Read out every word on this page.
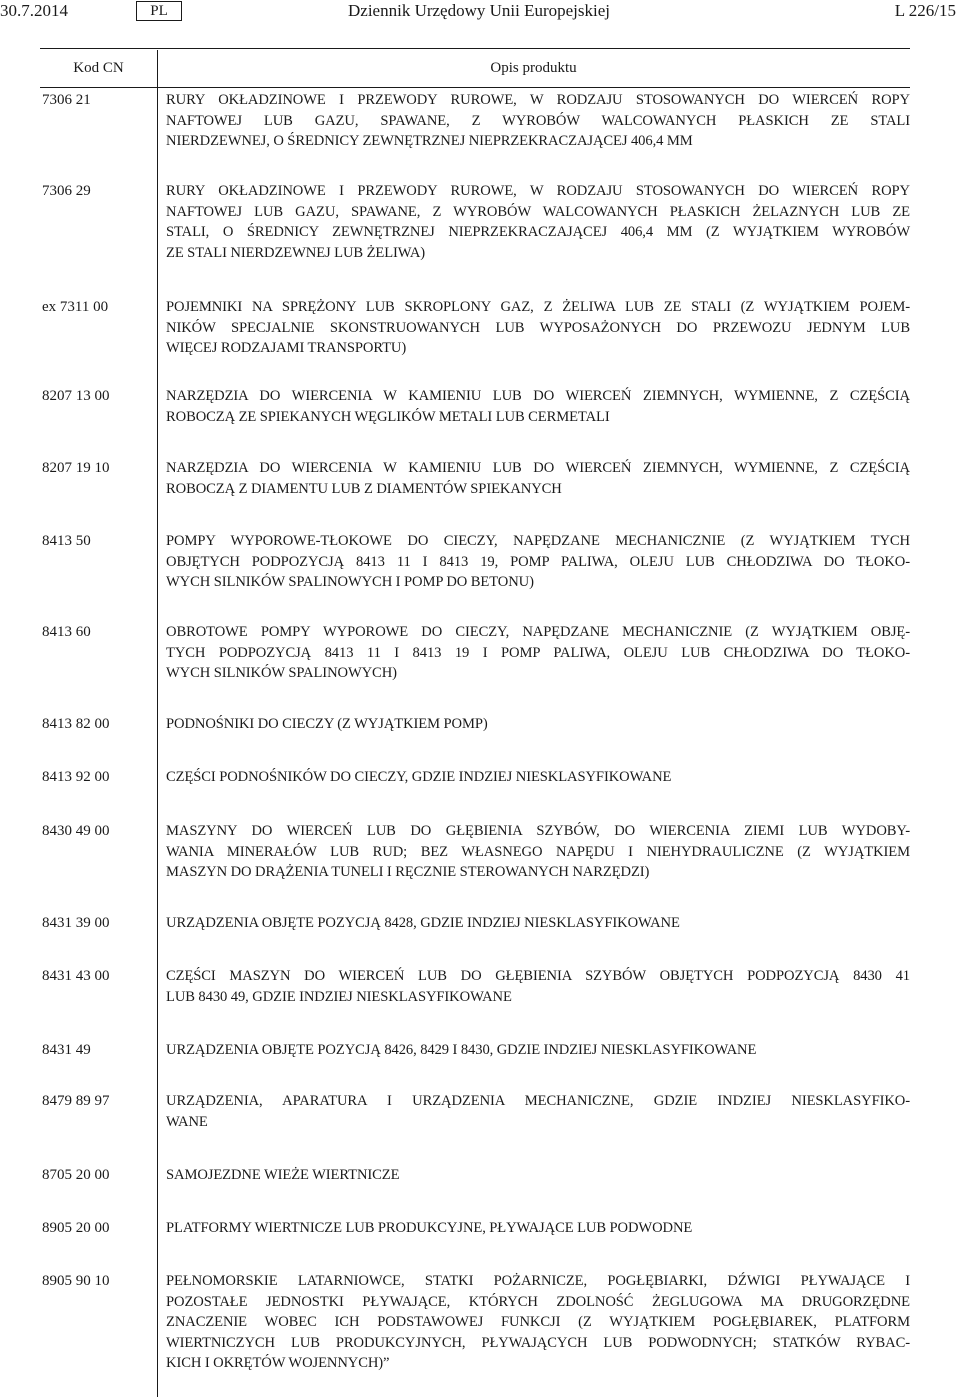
30.7.2014	PL	Dziennik Urzędowy Unii Europejskiej	L 226/15
Kod CN	Opis produktu
7306 21	RURY OKŁADZINOWE I PRZEWODY RUROWE, W RODZAJU STOSOWANYCH DO WIERCEŃ ROPY
NAFTOWEJ LUB GAZU, SPAWANE, Z WYROBÓW WALCOWANYCH PŁASKICH ZE STALI
NIERDZEWNEJ, O ŚREDNICY ZEWNĘTRZNEJ NIEPRZEKRACZAJĄCEJ 406,4 MM
7306 29	RURY OKŁADZINOWE I PRZEWODY RUROWE, W RODZAJU STOSOWANYCH DO WIERCEŃ ROPY
NAFTOWEJ LUB GAZU, SPAWANE, Z WYROBÓW WALCOWANYCH PŁASKICH ŻELAZNYCH LUB ZE
STALI, O ŚREDNICY ZEWNĘTRZNEJ NIEPRZEKRACZAJĄCEJ 406,4 MM (Z WYJĄTKIEM WYROBÓW
ZE STALI NIERDZEWNEJ LUB ŻELIWA)
ex 7311 00	POJEMNIKI NA SPRĘŻONY LUB SKROPLONY GAZ, Z ŻELIWA LUB ZE STALI (Z WYJĄTKIEM POJEM-
NIKÓW SPECJALNIE SKONSTRUOWANYCH LUB WYPOSAŻONYCH DO PRZEWOZU JEDNYM LUB
WIĘCEJ RODZAJAMI TRANSPORTU)
8207 13 00	NARZĘDZIA DO WIERCENIA W KAMIENIU LUB DO WIERCEŃ ZIEMNYCH, WYMIENNE, Z CZĘŚCIĄ
ROBOCZĄ ZE SPIEKANYCH WĘGLIKÓW METALI LUB CERMETALI
8207 19 10	NARZĘDZIA DO WIERCENIA W KAMIENIU LUB DO WIERCEŃ ZIEMNYCH, WYMIENNE, Z CZĘŚCIĄ
ROBOCZĄ Z DIAMENTU LUB Z DIAMENTÓW SPIEKANYCH
8413 50	POMPY WYPOROWE-TŁOKOWE DO CIECZY, NAPĘDZANE MECHANICZNIE (Z WYJĄTKIEM TYCH
OBJĘTYCH PODPOZYCJĄ 8413 11 I 8413 19, POMP PALIWA, OLEJU LUB CHŁODZIWA DO TŁOKO-
WYCH SILNIKÓW SPALINOWYCH I POMP DO BETONU)
8413 60	OBROTOWE POMPY WYPOROWE DO CIECZY, NAPĘDZANE MECHANICZNIE (Z WYJĄTKIEM OBJĘ-
TYCH PODPOZYCJĄ 8413 11 I 8413 19 I POMP PALIWA, OLEJU LUB CHŁODZIWA DO TŁOKO-
WYCH SILNIKÓW SPALINOWYCH)
8413 82 00	PODNOŚNIKI DO CIECZY (Z WYJĄTKIEM POMP)
8413 92 00	CZĘŚCI PODNOŚNIKÓW DO CIECZY, GDZIE INDZIEJ NIESKLASYFIKOWANE
8430 49 00	MASZYNY DO WIERCEŃ LUB DO GŁĘBIENIA SZYBÓW, DO WIERCENIA ZIEMI LUB WYDOBY-
WANIA MINERAŁÓW LUB RUD; BEZ WŁASNEGO NAPĘDU I NIEHYDRAULICZNE (Z WYJĄTKIEM
MASZYN DO DRĄŻENIA TUNELI I RĘCZNIE STEROWANYCH NARZĘDZI)
8431 39 00	URZĄDZENIA OBJĘTE POZYCJĄ 8428, GDZIE INDZIEJ NIESKLASYFIKOWANE
8431 43 00	CZĘŚCI MASZYN DO WIERCEŃ LUB DO GŁĘBIENIA SZYBÓW OBJĘTYCH PODPOZYCJĄ 8430 41
LUB 8430 49, GDZIE INDZIEJ NIESKLASYFIKOWANE
8431 49	URZĄDZENIA OBJĘTE POZYCJĄ 8426, 8429 I 8430, GDZIE INDZIEJ NIESKLASYFIKOWANE
8479 89 97	URZĄDZENIA, APARATURA I URZĄDZENIA MECHANICZNE, GDZIE INDZIEJ NIESKLASYFIKO-
WANE
8705 20 00	SAMOJEZDNE WIEŻE WIERTNICZE
8905 20 00	PLATFORMY WIERTNICZE LUB PRODUKCYJNE, PŁYWAJĄCE LUB PODWODNE
8905 90 10	PEŁNOMORSKIE LATARNIOWCE, STATKI POŻARNICZE, POGŁĘBIARKI, DŹWIGI PŁYWAJĄCE I
POZOSTAŁE JEDNOSTKI PŁYWAJĄCE, KTÓRYCH ZDOLNOŚĆ ŻEGLUGOWA MA DRUGORZĘDNE
ZNACZENIE WOBEC ICH PODSTAWOWEJ FUNKCJI (Z WYJĄTKIEM POGŁĘBIAREK, PLATFORM
WIERTNICZYCH LUB PRODUKCYJNYCH, PŁYWAJĄCYCH LUB PODWODNYCH; STATKÓW RYBAC-
KICH I OKRĘTÓW WOJENNYCH)”
